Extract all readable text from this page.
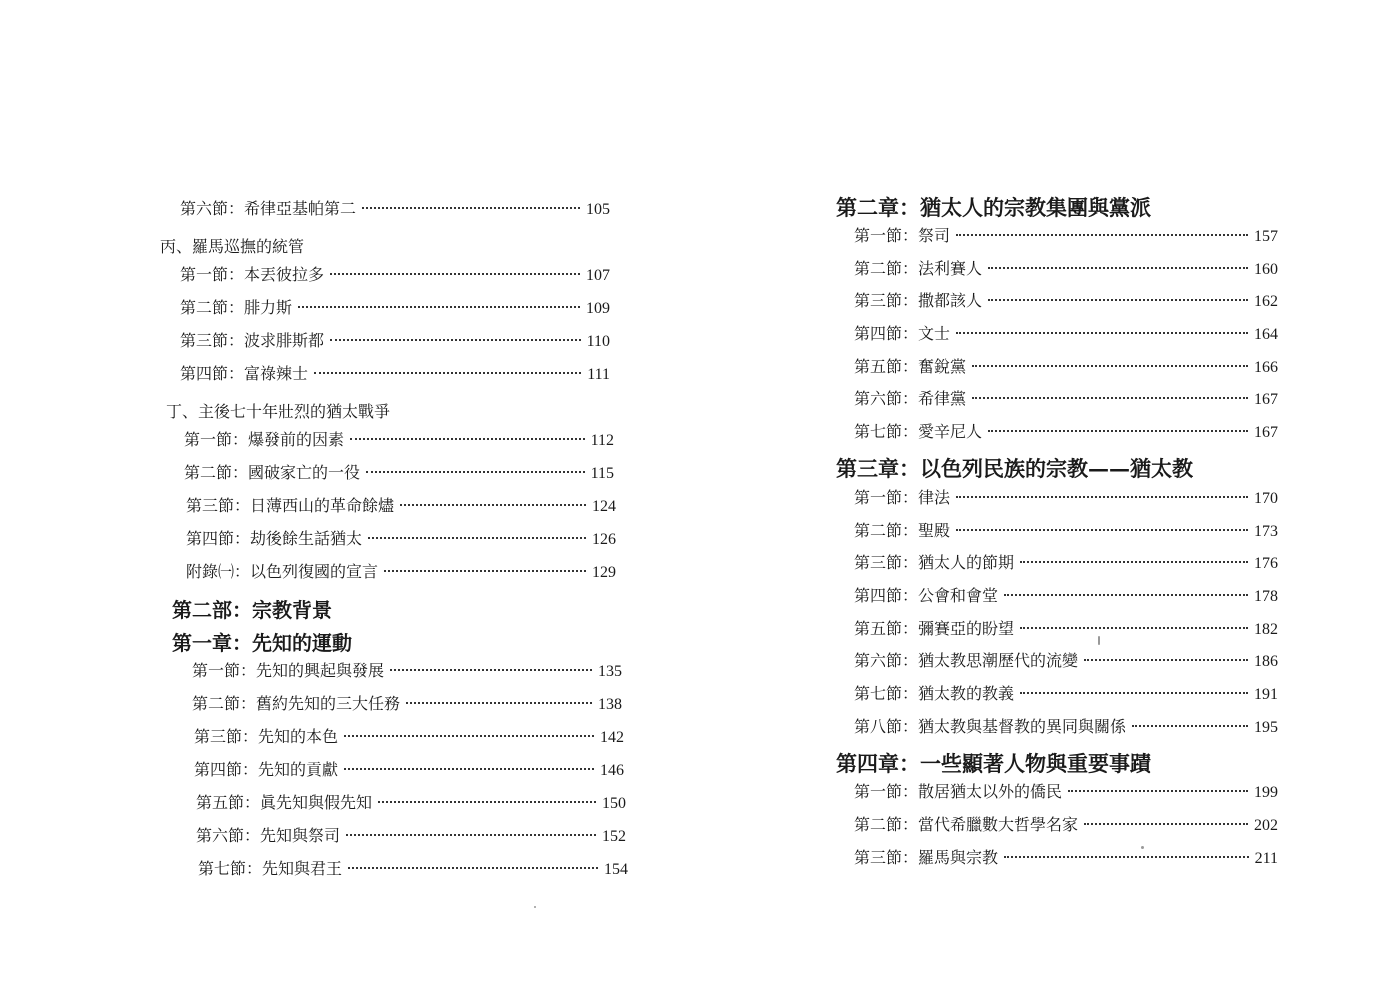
第六節：希律亞基帕第二	105
丙、羅馬巡撫的統管
第一節：本丟彼拉多	107
第二節：腓力斯	109
第三節：波求腓斯都	110
第四節：富祿辣士	111
丁、主後七十年壯烈的猶太戰爭
第一節：爆發前的因素	112
第二節：國破家亡的一役	115
第三節：日薄西山的革命餘燼	124
第四節：劫後餘生話猶太	126
附錄㈠：以色列復國的宣言	129
第二部：宗教背景
第一章：先知的運動
第一節：先知的興起與發展	135
第二節：舊約先知的三大任務	138
第三節：先知的本色	142
第四節：先知的貢獻	146
第五節：眞先知與假先知	150
第六節：先知與祭司	152
第七節：先知與君王	154
第二章：猶太人的宗教集團與黨派
第一節：祭司	157
第二節：法利賽人	160
第三節：撒都該人	162
第四節：文士	164
第五節：奮銳黨	166
第六節：希律黨	167
第七節：愛辛尼人	167
第三章：以色列民族的宗教——猶太教
第一節：律法	170
第二節：聖殿	173
第三節：猶太人的節期	176
第四節：公會和會堂	178
第五節：彌賽亞的盼望	182
第六節：猶太教思潮歷代的流變	186
第七節：猶太教的教義	191
第八節：猶太教與基督教的異同與關係	195
第四章：一些顯著人物與重要事蹟
第一節：散居猶太以外的僑民	199
第二節：當代希臘數大哲學名家	202
第三節：羅馬與宗教	211
